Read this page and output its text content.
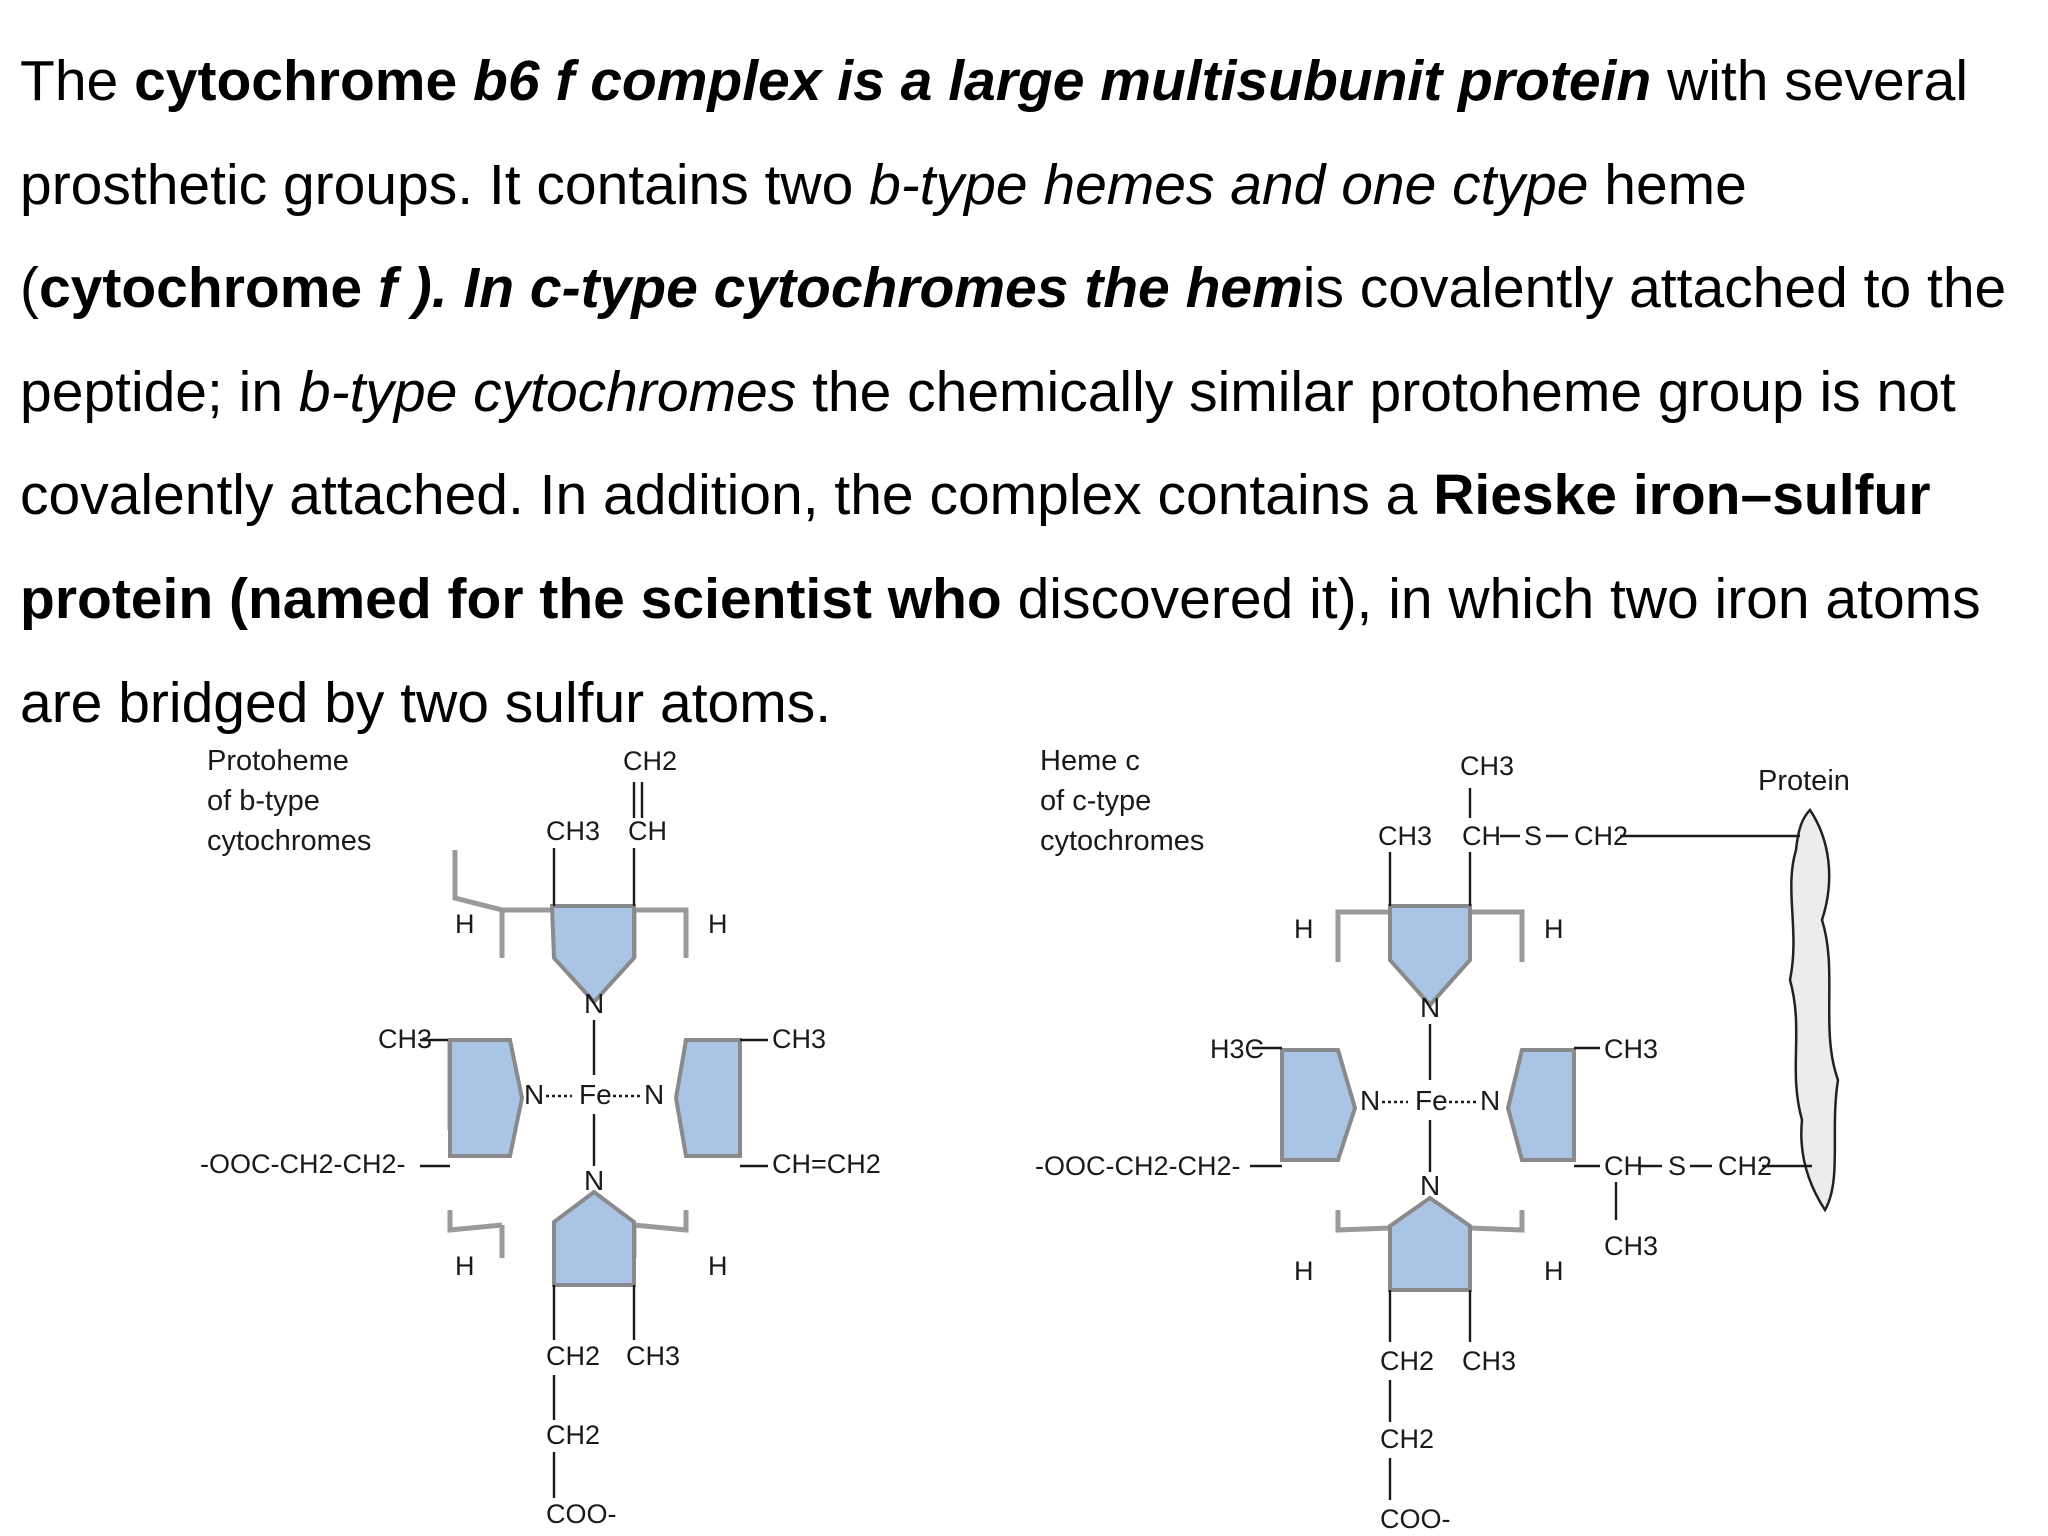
The cytochrome b6 f complex is a large multisubunit protein with several prosthetic groups. It contains two b-type hemes and one ctype heme (cytochrome f ). In c-type cytochromes the hemis covalently attached to the peptide; in b-type cytochromes the chemically similar protoheme group is not covalently attached. In addition, the complex contains a Rieske iron–sulfur protein (named for the scientist who discovered it), in which two iron atoms are bridged by two sulfur atoms.

Protoheme
of b-type
cytochromes
N
N Fe N
N
CH2
CH
CH3
H	H
CH3	CH3
CH=CH2
-OOC-CH2-CH2-
H	H
CH2 CH3
CH2
COO-
Heme c
of c-type
cytochromes
Protein
N
N Fe N
N
CH3
CH S CH2
CH3
H	H
H3C	CH3
CH S CH2
CH3
-OOC-CH2-CH2-
H	H
CH2 CH3
CH2
COO-
